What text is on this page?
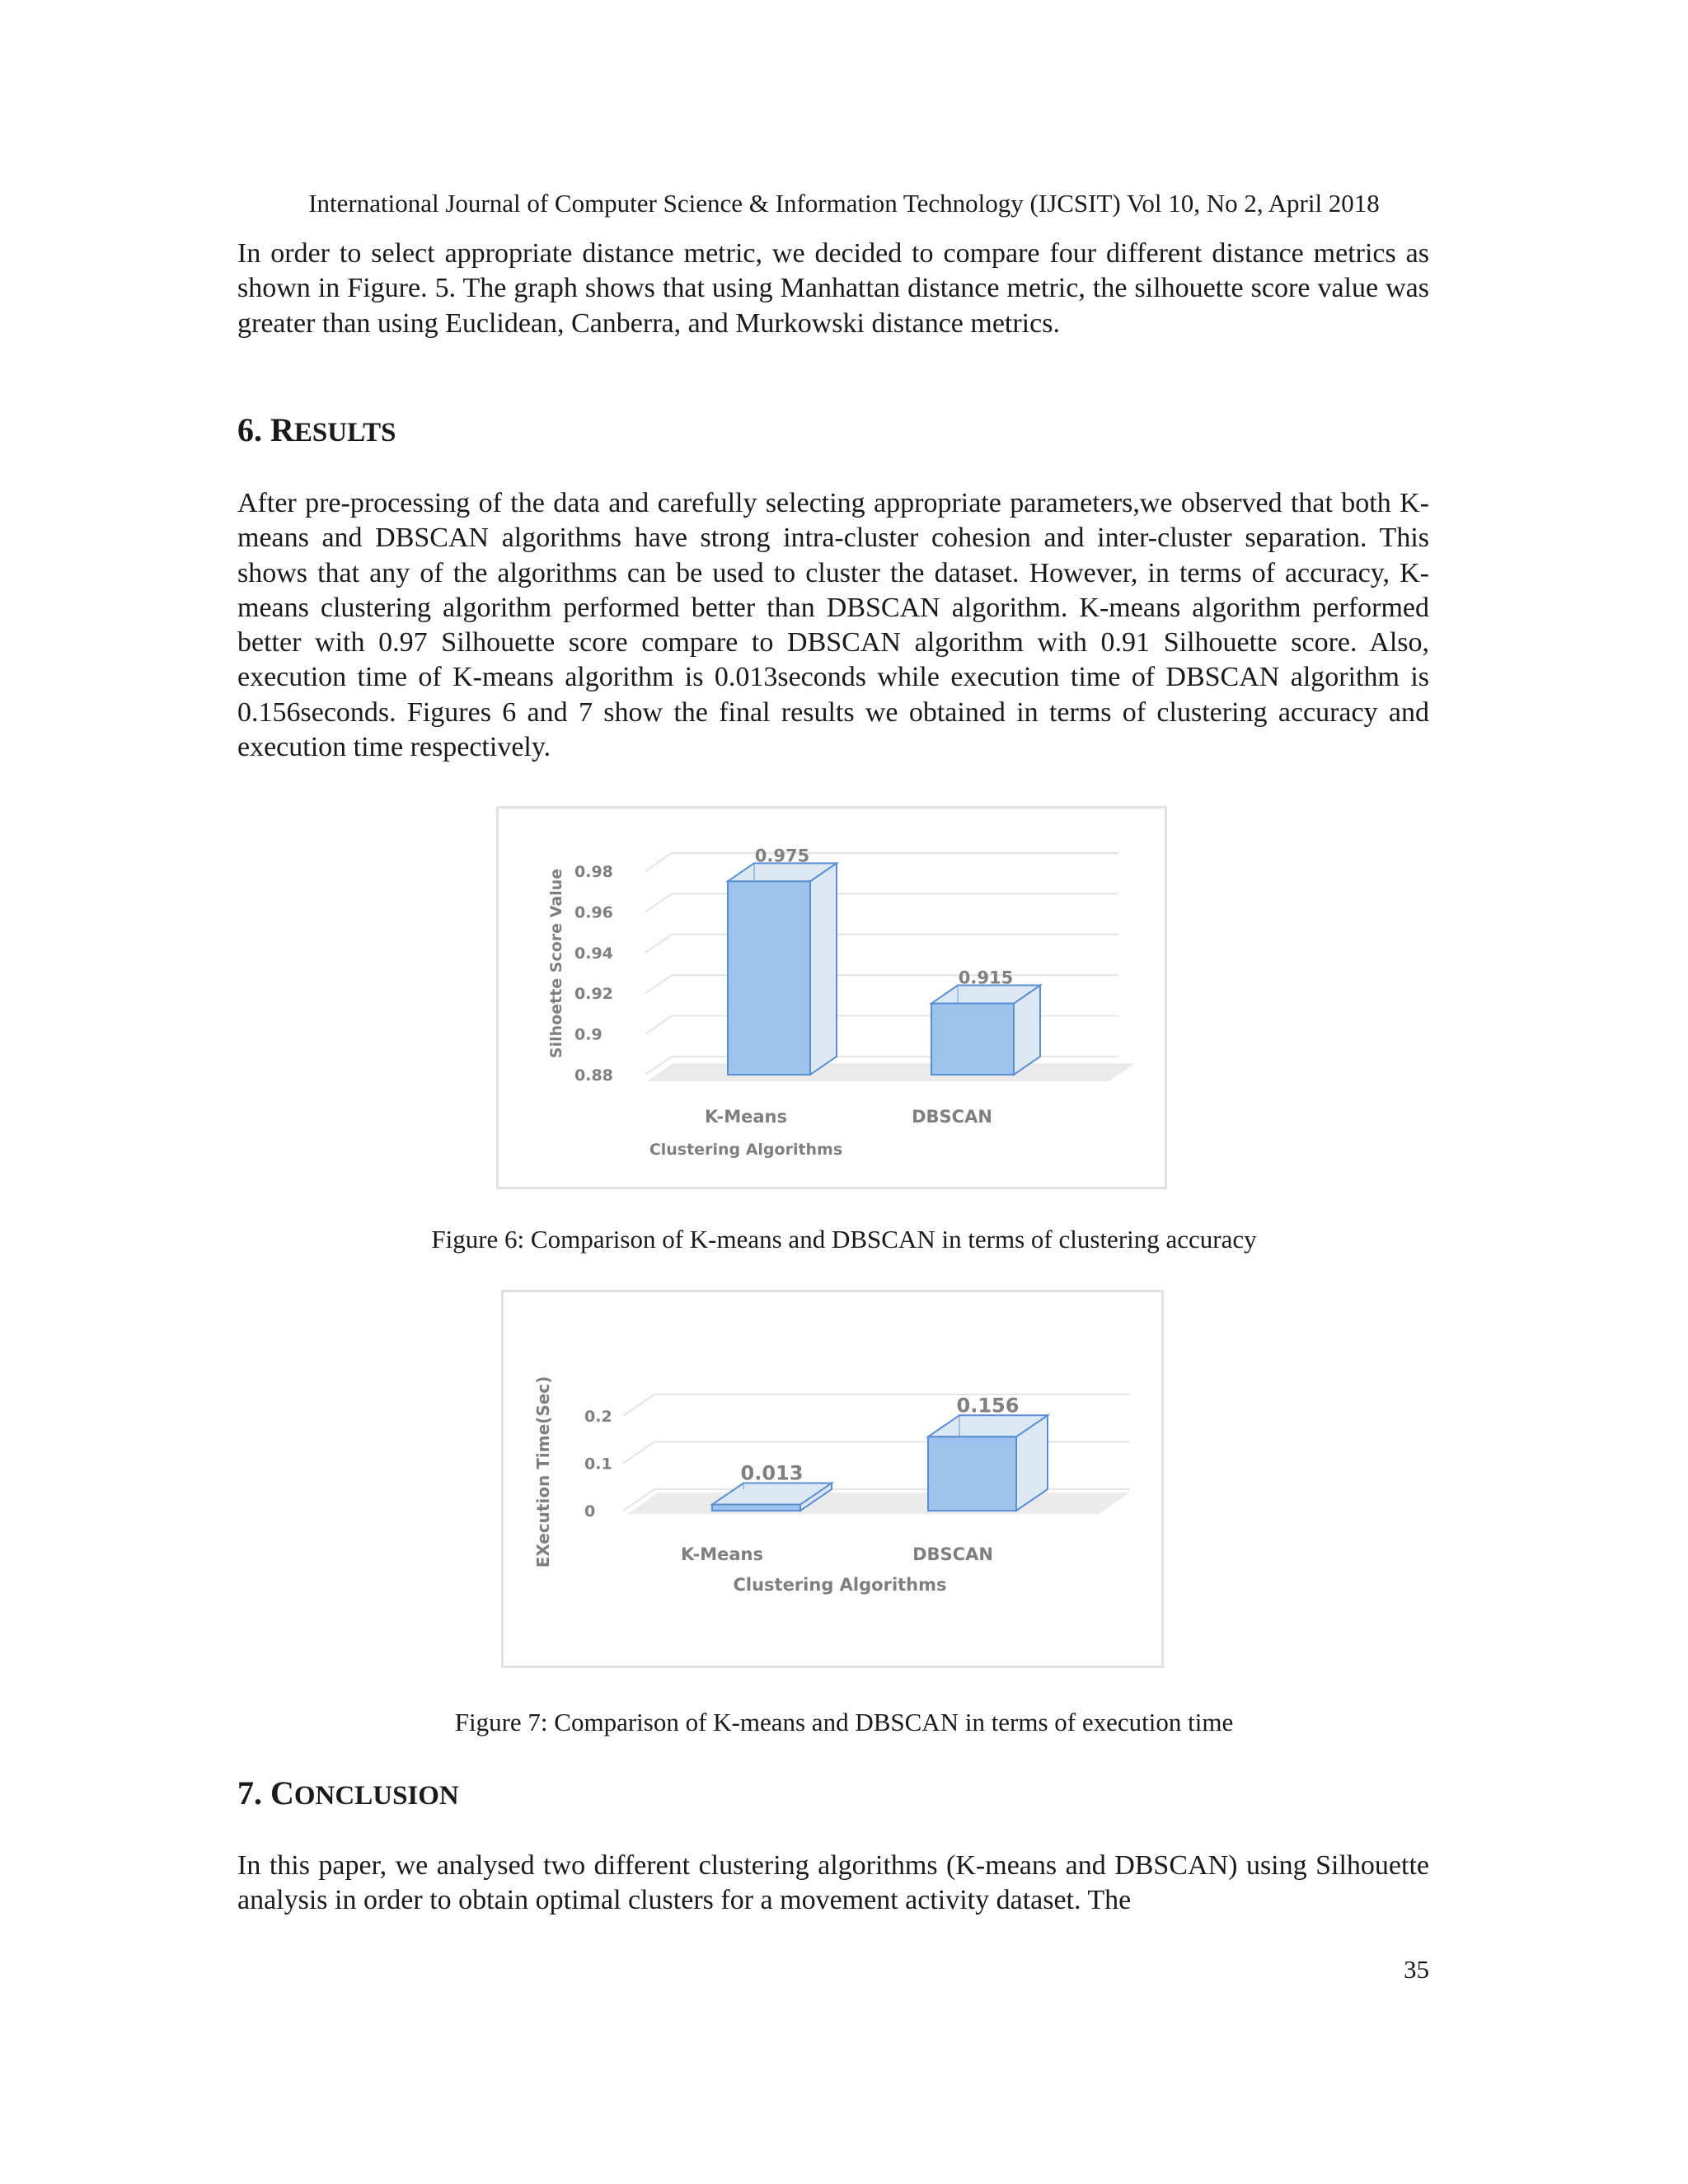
International Journal of Computer Science & Information Technology (IJCSIT) Vol 10, No 2, April 2018

In order to select appropriate distance metric, we decided to compare four different distance metrics as shown in Figure. 5. The graph shows that using Manhattan distance metric, the silhouette score value was greater than using Euclidean, Canberra, and Murkowski distance metrics.

6. RESULTS

After pre-processing of the data and carefully selecting appropriate parameters,we observed that both K-means and DBSCAN algorithms have strong intra-cluster cohesion and inter-cluster separation. This shows that any of the algorithms can be used to cluster the dataset. However, in terms of accuracy, K-means clustering algorithm performed better than DBSCAN algorithm. K-means algorithm performed better with 0.97 Silhouette score compare to DBSCAN algorithm with 0.91 Silhouette score. Also, execution time of K-means algorithm is 0.013seconds while execution time of DBSCAN algorithm is 0.156seconds. Figures 6 and 7 show the final results we obtained in terms of clustering accuracy and execution time respectively.

Silhoette Score Value
Clustering Algorithms
0.98
0.96
0.94
0.92
0.9
0.88
0.975
K-Means
0.915
DBSCAN
Figure 6: Comparison of K-means and DBSCAN in terms of clustering accuracy
EXecution Time(Sec)
Clustering Algorithms
0.2
0.1
0
0.013
K-Means
0.156
DBSCAN
Figure 7: Comparison of K-means and DBSCAN in terms of execution time
7. CONCLUSION

In this paper, we analysed two different clustering algorithms (K-means and DBSCAN) using Silhouette analysis in order to obtain optimal clusters for a movement activity dataset. The

35
